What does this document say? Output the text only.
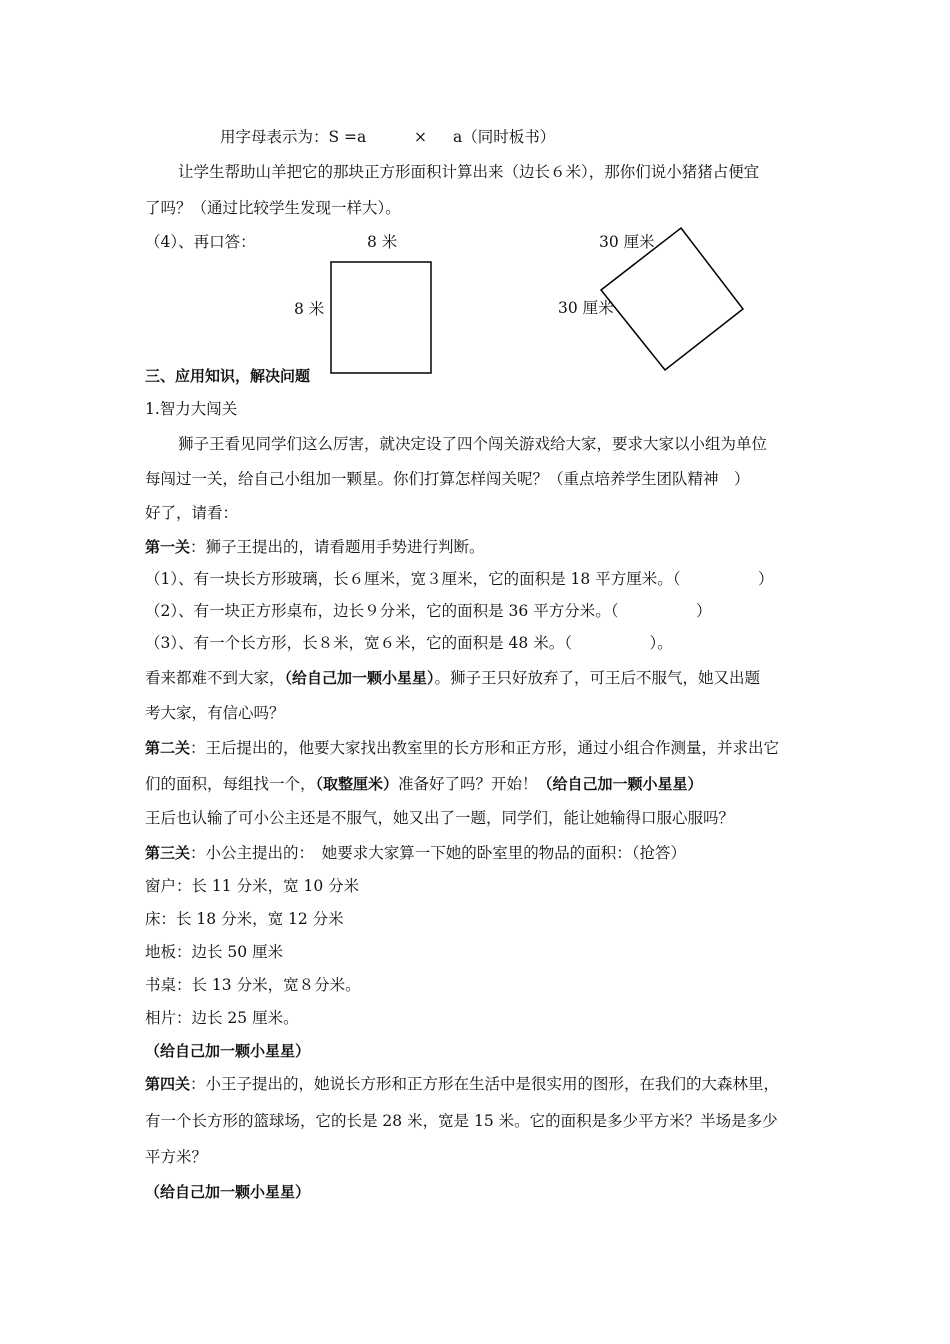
用字母表示为：S =a	× a（同时板书）
让学生帮助山羊把它的那块正方形面积计算出来（边长６米），那你们说小猪猪占便宜
了吗？（通过比较学生发现一样大）。
（4）、再口答：	8 米
8 米
30 厘米
30 厘米
三、应用知识，解决问题
1.智力大闯关
狮子王看见同学们这么厉害，就决定设了四个闯关游戏给大家，要求大家以小组为单位
每闯过一关，给自己小组加一颗星。你们打算怎样闯关呢？（重点培养学生团队精神　）
好了，请看：
第一关：狮子王提出的，请看题用手势进行判断。
（1）、有一块长方形玻璃，长６厘米，宽３厘米，它的面积是 18 平方厘米。（　　　　　）
（2）、有一块正方形桌布，边长９分米，它的面积是 36 平方分米。（　　　　　）
（3）、有一个长方形，长８米，宽６米，它的面积是 48 米。（　　　　　）。
看来都难不到大家，（给自己加一颗小星星）。狮子王只好放弃了，可王后不服气，她又出题
考大家，有信心吗？
第二关：王后提出的，他要大家找出教室里的长方形和正方形，通过小组合作测量，并求出它
们的面积，每组找一个，（取整厘米）准备好了吗？开始！（给自己加一颗小星星）
王后也认输了可小公主还是不服气，她又出了一题，同学们，能让她输得口服心服吗？
第三关：小公主提出的：　她要求大家算一下她的卧室里的物品的面积：（抢答）
窗户：长 11 分米，宽 10 分米
床：长 18 分米，宽 12 分米
地板：边长 50 厘米
书桌：长 13 分米，宽８分米。
相片：边长 25 厘米。
（给自己加一颗小星星）
第四关：小王子提出的，她说长方形和正方形在生活中是很实用的图形，在我们的大森林里，
有一个长方形的篮球场，它的长是 28 米，宽是 15 米。它的面积是多少平方米？半场是多少
平方米？
（给自己加一颗小星星）
